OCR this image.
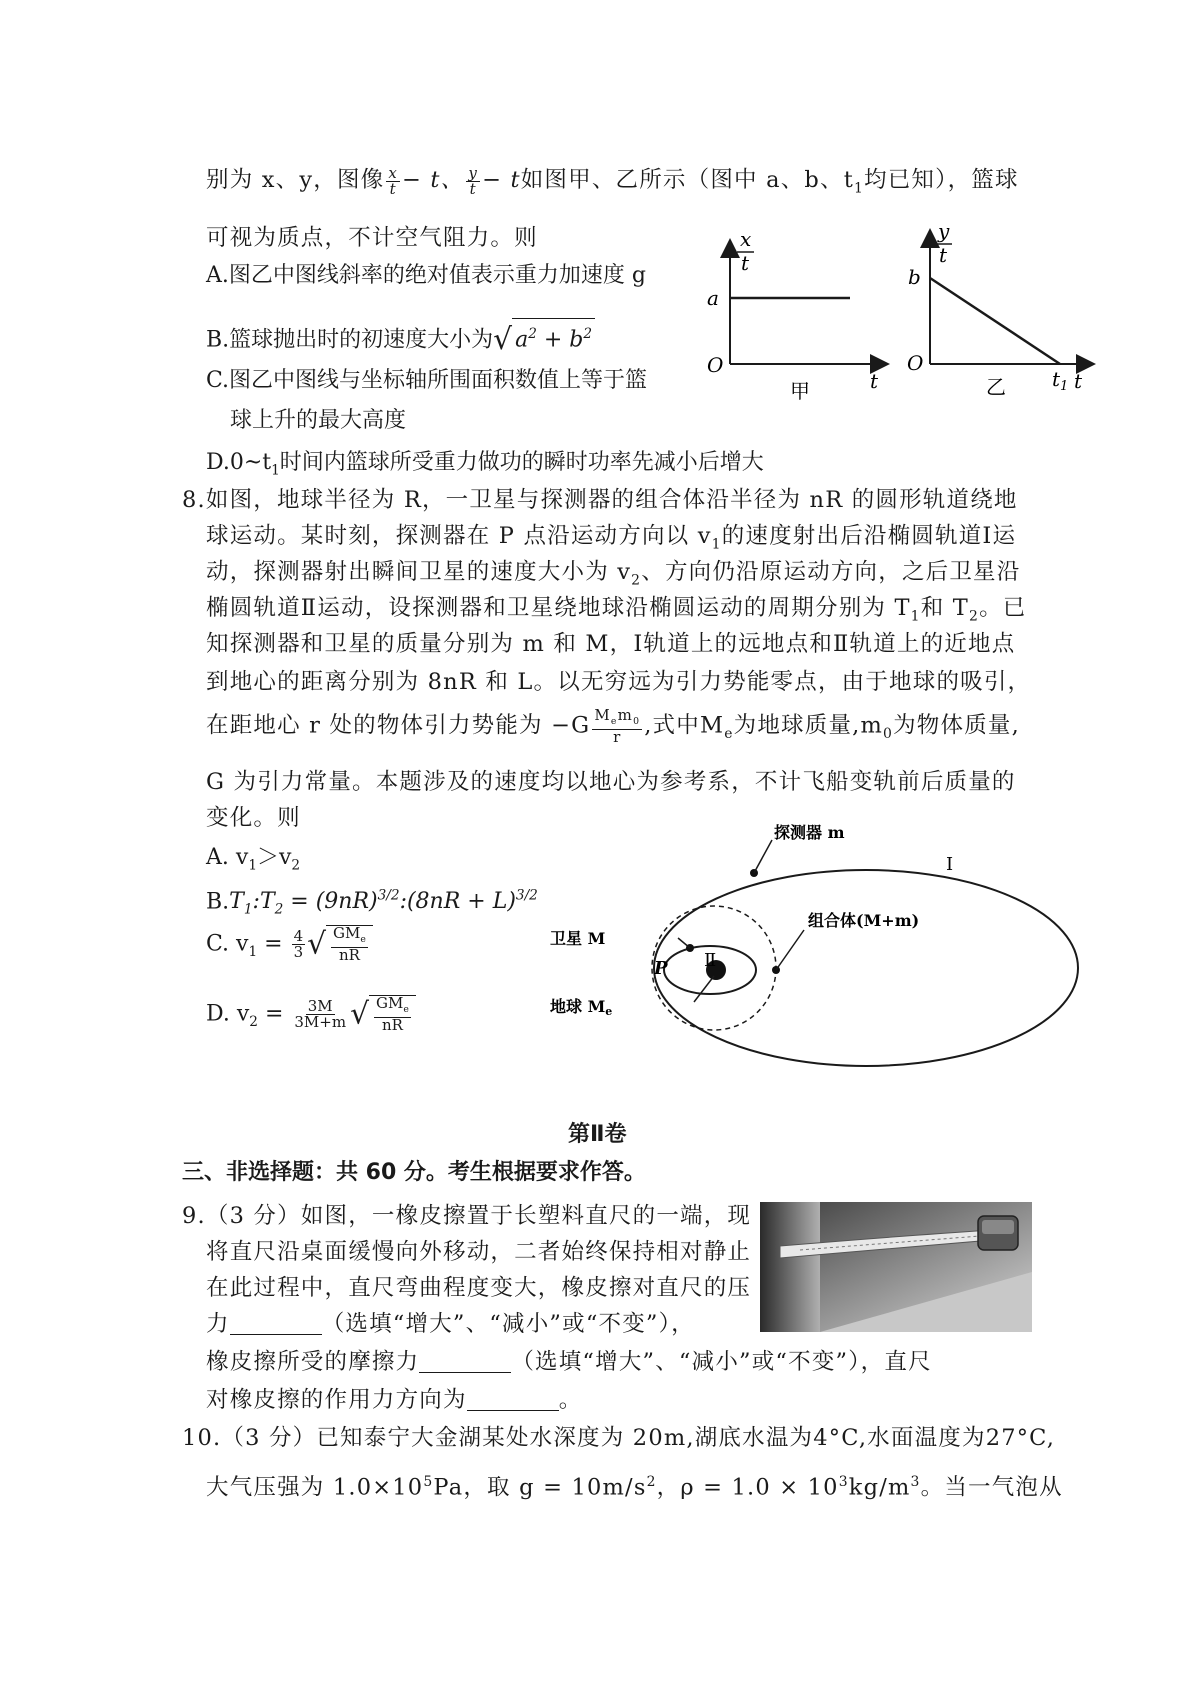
别为 x、y，图像 $\frac{x}{t} - t$、 $\frac{y}{t} - t$如图甲、乙所示（图中 a、b、$t_1$均已知），篮球
可视为质点，不计空气阻力。则
A.图乙中图线斜率的绝对值表示重力加速度 g
B.篮球抛出时的初速度大小为√ $a^2 + b^2$
C.图乙中图线与坐标轴所围面积数值上等于篮
球上升的最大高度
$D.0\sim t_1$时间内篮球所受重力做功的瞬时功率先减小后增大
x
t
a
O
t
甲
y
t
b
O
$t_1$ t
乙
8.如图，地球半径为 R，一卫星与探测器的组合体沿半径为 nR 的圆形轨道绕地
球运动。某时刻，探测器在 P 点沿运动方向以 $v_1$的速度射出后沿椭圆轨道Ⅰ运
动，探测器射出瞬间卫星的速度大小为 $v_2$、方向仍沿原运动方向，之后卫星沿
椭圆轨道Ⅱ运动，设探测器和卫星绕地球沿椭圆运动的周期分别为 $T_1$和 $T_2$。已
知探测器和卫星的质量分别为 m 和 M，Ⅰ轨道上的远地点和Ⅱ轨道上的近地点
到地心的距离分别为 8nR 和 L。以无穷远为引力势能零点，由于地球的吸引，
在距地心 r 处的物体引力势能为 $-G \frac{M_em_0}{r}$ ,式中$M_e$为地球质量$,m_0$为物体质量,
G 为引力常量。本题涉及的速度均以地心为参考系，不计飞船变轨前后质量的
变化。则
A. $v_1>v_2$
$B.T_1:T_2$ = $(9nR)^{3/2}:(8nR + L)^{3/2}$
C. $v_1 = \frac{4}{3}$ √ $\frac{GM_e}{nR}$
D. $v_2 = \frac{3M}{3M+m}$ √ $\frac{GM_e}{nR}$
探测器 m
Ⅰ
卫星 M
组合体(M+m)
Ⅱ
P
地球 Me
第Ⅱ卷
三、非选择题：共 60 分。考生根据要求作答。
9.（3 分）如图，一橡皮擦置于长塑料直尺的一端，现
将直尺沿桌面缓慢向外移动，二者始终保持相对静止
在此过程中，直尺弯曲程度变大，橡皮擦对直尺的压
力	（选填“增大”、“减小”或“不变”），
橡皮擦所受的摩擦力	（选填“增大”、“减小”或“不变”），直尺
对橡皮擦的作用力方向为	。
10.（3 分）已知泰宁大金湖某处水深度为 20m,湖底水温为4°C,水面温度为27°C,
大气压强为 $1.0\times 10^5Pa$，取 $g = 10m/s^2$，$\rho = 1.0 \times 10^3kg/m^3$。当一气泡从
